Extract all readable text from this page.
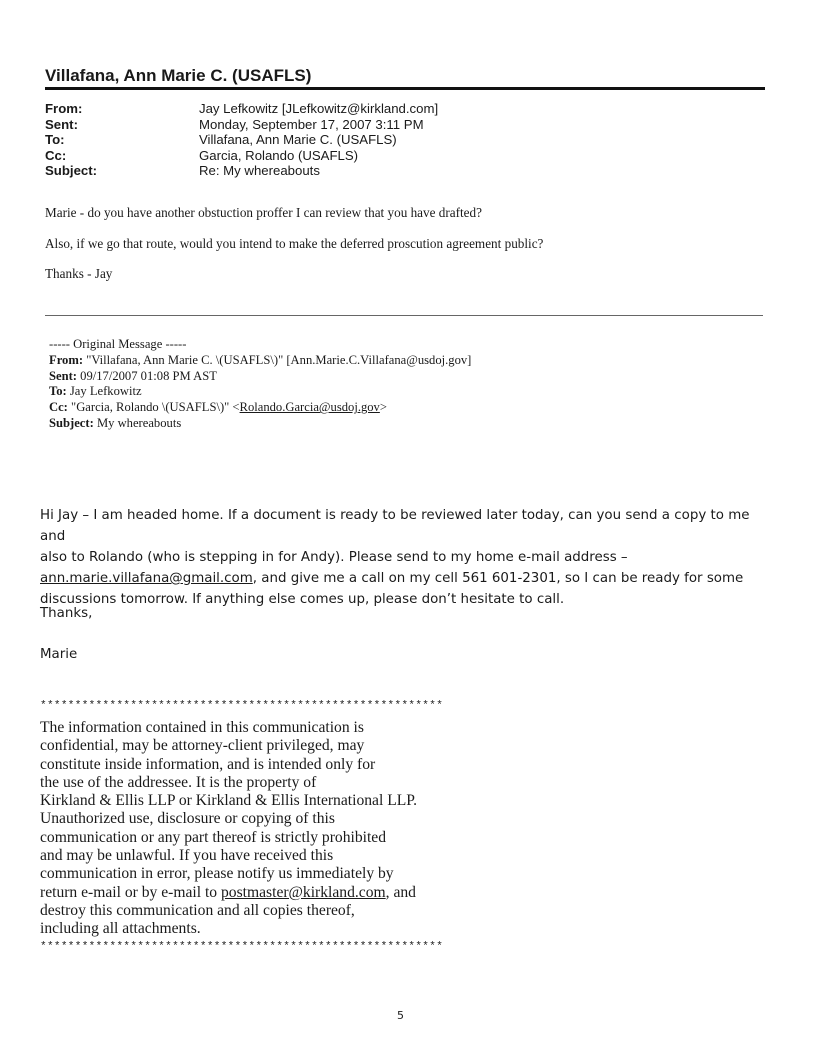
Villafana, Ann Marie C. (USAFLS)
From:	Jay Lefkowitz [JLefkowitz@kirkland.com]
Sent:	Monday, September 17, 2007 3:11 PM
To:	Villafana, Ann Marie C. (USAFLS)
Cc:	Garcia, Rolando (USAFLS)
Subject:	Re: My whereabouts
Marie - do you have another obstuction proffer I can review that you have drafted?
Also, if we go that route, would you intend to make the deferred proscution agreement public?
Thanks - Jay
----- Original Message -----
From: "Villafana, Ann Marie C. \(USAFLS\)" [Ann.Marie.C.Villafana@usdoj.gov]
Sent: 09/17/2007 01:08 PM AST
To: Jay Lefkowitz
Cc: "Garcia, Rolando \(USAFLS\)" <Rolando.Garcia@usdoj.gov>
Subject: My whereabouts
Hi Jay – I am headed home. If a document is ready to be reviewed later today, can you send a copy to me and
also to Rolando (who is stepping in for Andy). Please send to my home e-mail address –
ann.marie.villafana@gmail.com, and give me a call on my cell 561 601-2301, so I can be ready for some
discussions tomorrow. If anything else comes up, please don’t hesitate to call.
Thanks,
Marie
**********************************************************
The information contained in this communication is
confidential, may be attorney-client privileged, may
constitute inside information, and is intended only for
the use of the addressee. It is the property of
Kirkland & Ellis LLP or Kirkland & Ellis International LLP.
Unauthorized use, disclosure or copying of this
communication or any part thereof is strictly prohibited
and may be unlawful. If you have received this
communication in error, please notify us immediately by
return e-mail or by e-mail to postmaster@kirkland.com, and
destroy this communication and all copies thereof,
including all attachments.
**********************************************************
5
